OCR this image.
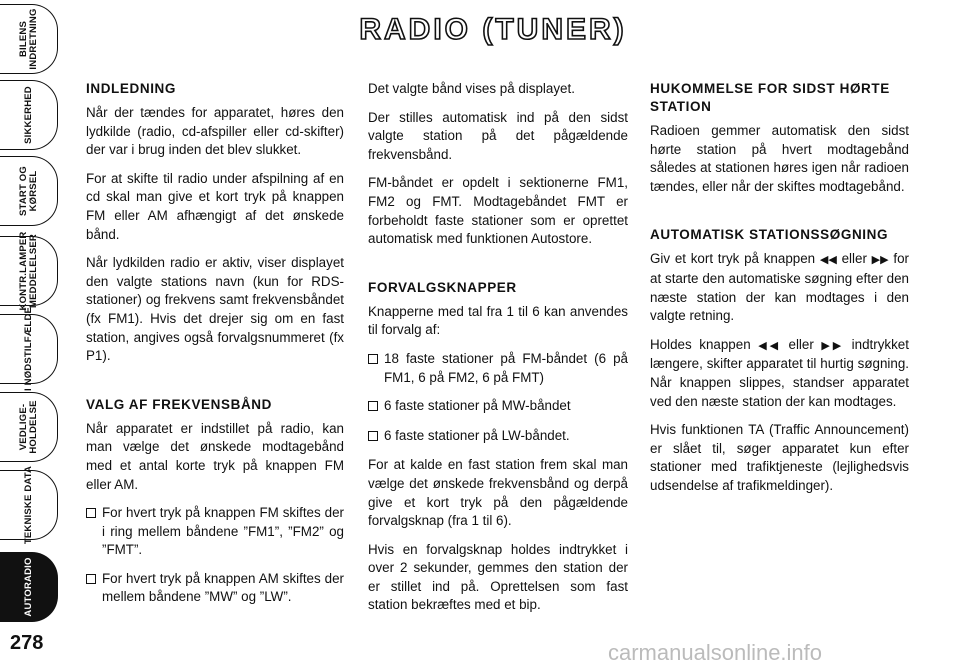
BILENS
INDRETNING
SIKKERHED
START OG
KØRSEL
KONTR.LAMPER
MEDDELELSER
I NØDSTILFÆLDE
VEDLIGE-
HOLDELSE
TEKNISKE DATA
AUTORADIO
278
RADIO (TUNER)
INDLEDNING

Når der tændes for apparatet, høres den lydkilde (radio, cd-afspiller eller cd-skifter) der var i brug inden det blev slukket.

For at skifte til radio under afspilning af en cd skal man give et kort tryk på knappen FM eller AM afhængigt af det ønskede bånd.

Når lydkilden radio er aktiv, viser displayet den valgte stations navn (kun for RDS-stationer) og frekvens samt frekvensbåndet (fx FM1). Hvis det drejer sig om en fast station, angives også forvalgsnummeret (fx P1).

VALG AF FREKVENSBÅND

Når apparatet er indstillet på radio, kan man vælge det ønskede modtagebånd med et antal korte tryk på knappen FM eller AM.

For hvert tryk på knappen FM skiftes der i ring mellem båndene ”FM1”, ”FM2” og ”FMT”.
For hvert tryk på knappen AM skiftes der mellem båndene ”MW” og ”LW”.

Det valgte bånd vises på displayet.

Der stilles automatisk ind på den sidst valgte station på det pågældende frekvensbånd.

FM-båndet er opdelt i sektionerne FM1, FM2 og FMT. Modtagebåndet FMT er forbeholdt faste stationer som er oprettet automatisk med funktionen Autostore.

FORVALGSKNAPPER

Knapperne med tal fra 1 til 6 kan anvendes til forvalg af:

18 faste stationer på FM-båndet (6 på FM1, 6 på FM2, 6 på FMT)
6 faste stationer på MW-båndet
6 faste stationer på LW-båndet.

For at kalde en fast station frem skal man vælge det ønskede frekvensbånd og derpå give et kort tryk på den pågældende forvalgsknap (fra 1 til 6).

Hvis en forvalgsknap holdes indtrykket i over 2 sekunder, gemmes den station der er stillet ind på. Oprettelsen som fast station bekræftes med et bip.

HUKOMMELSE FOR SIDST HØRTE STATION

Radioen gemmer automatisk den sidst hørte station på hvert modtagebånd således at stationen høres igen når radioen tændes, eller når der skiftes modtagebånd.

AUTOMATISK STATIONSSØGNING

Giv et kort tryk på knappen ◀◀ eller ▶▶ for at starte den automatiske søgning efter den næste station der kan modtages i den valgte retning.

Holdes knappen ◀◀ eller ▶▶ indtrykket længere, skifter apparatet til hurtig søgning. Når knappen slippes, standser apparatet ved den næste station der kan modtages.

Hvis funktionen TA (Traffic Announcement) er slået til, søger apparatet kun efter stationer med trafiktjeneste (lejlighedsvis udsendelse af trafikmeldinger).

carmanualsonline.info
